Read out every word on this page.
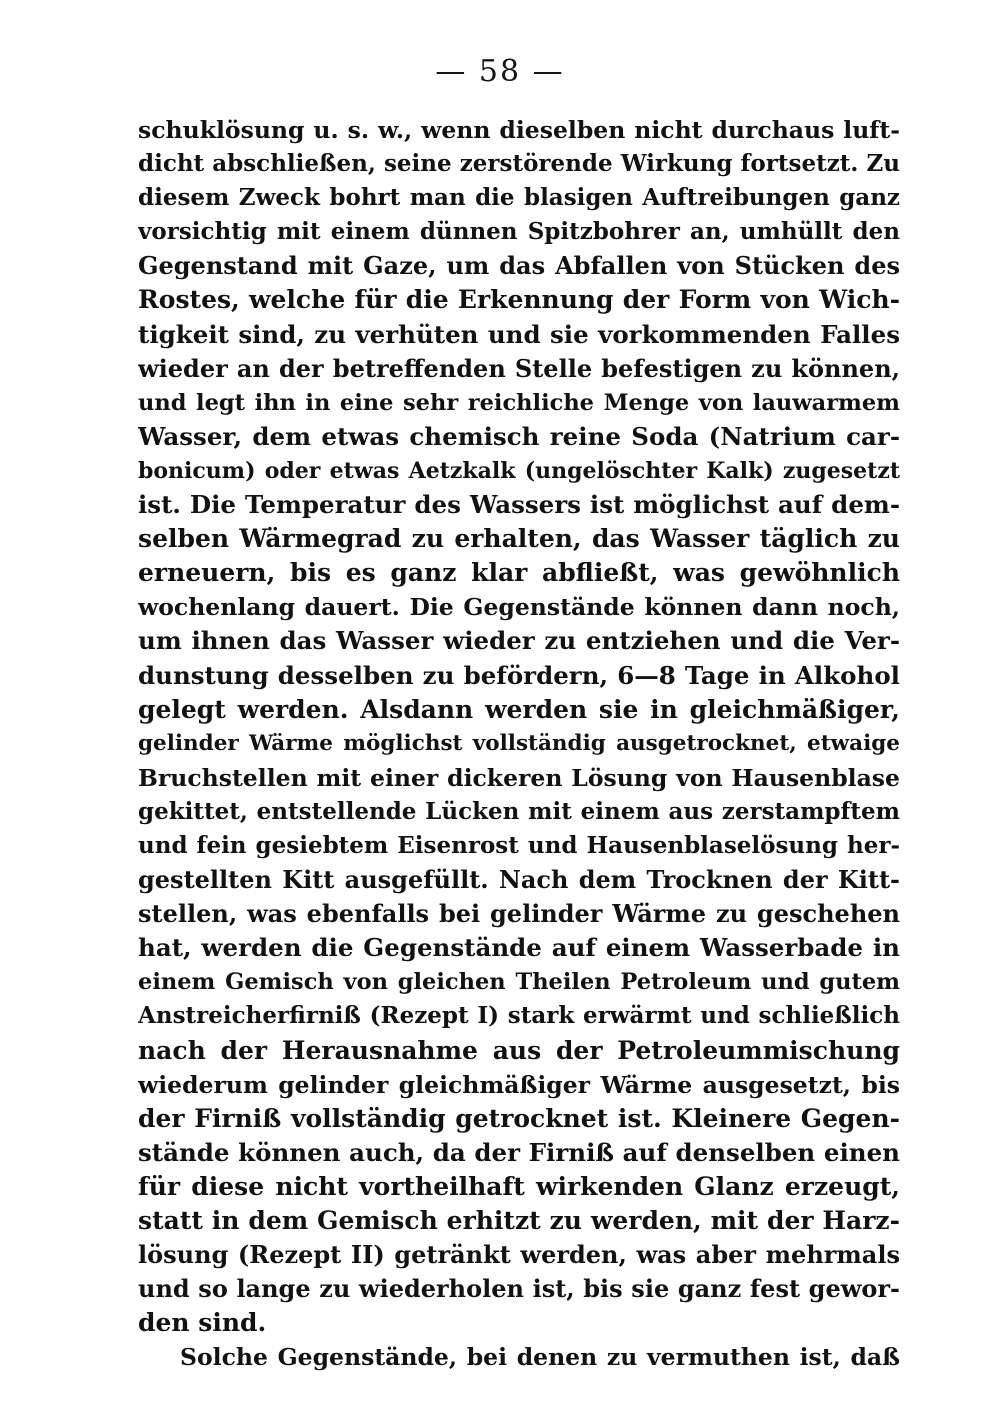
— 58 —
schuklösung u. s. w., wenn dieselben nicht durchaus luft-
dicht abschließen, seine zerstörende Wirkung fortsetzt. Zu
diesem Zweck bohrt man die blasigen Auftreibungen ganz
vorsichtig mit einem dünnen Spitzbohrer an, umhüllt den
Gegenstand mit Gaze, um das Abfallen von Stücken des
Rostes, welche für die Erkennung der Form von Wich-
tigkeit sind, zu verhüten und sie vorkommenden Falles
wieder an der betreffenden Stelle befestigen zu können,
und legt ihn in eine sehr reichliche Menge von lauwarmem
Wasser, dem etwas chemisch reine Soda (Natrium car-
bonicum) oder etwas Aetzkalk (ungelöschter Kalk) zugesetzt
ist. Die Temperatur des Wassers ist möglichst auf dem-
selben Wärmegrad zu erhalten, das Wasser täglich zu
erneuern, bis es ganz klar abfließt, was gewöhnlich
wochenlang dauert. Die Gegenstände können dann noch,
um ihnen das Wasser wieder zu entziehen und die Ver-
dunstung desselben zu befördern, 6—8 Tage in Alkohol
gelegt werden. Alsdann werden sie in gleichmäßiger,
gelinder Wärme möglichst vollständig ausgetrocknet, etwaige
Bruchstellen mit einer dickeren Lösung von Hausenblase
gekittet, entstellende Lücken mit einem aus zerstampftem
und fein gesiebtem Eisenrost und Hausenblaselösung her-
gestellten Kitt ausgefüllt. Nach dem Trocknen der Kitt-
stellen, was ebenfalls bei gelinder Wärme zu geschehen
hat, werden die Gegenstände auf einem Wasserbade in
einem Gemisch von gleichen Theilen Petroleum und gutem
Anstreicherfirniß (Rezept I) stark erwärmt und schließlich
nach der Herausnahme aus der Petroleummischung
wiederum gelinder gleichmäßiger Wärme ausgesetzt, bis
der Firniß vollständig getrocknet ist. Kleinere Gegen-
stände können auch, da der Firniß auf denselben einen
für diese nicht vortheilhaft wirkenden Glanz erzeugt,
statt in dem Gemisch erhitzt zu werden, mit der Harz-
lösung (Rezept II) getränkt werden, was aber mehrmals
und so lange zu wiederholen ist, bis sie ganz fest gewor-
den sind.
Solche Gegenstände, bei denen zu vermuthen ist, daß
